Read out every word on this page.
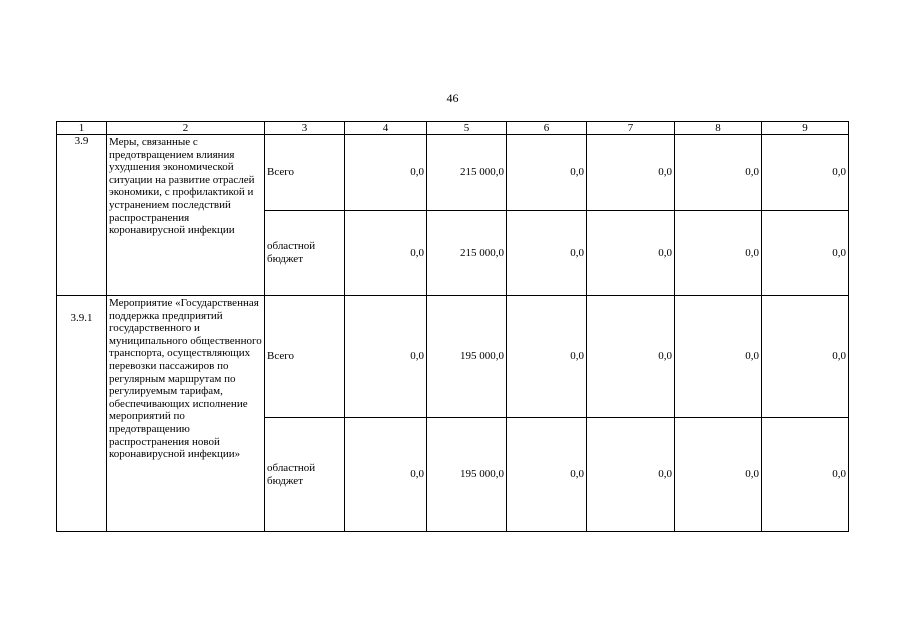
46
1	2	3	4	5	6	7	8	9
3.9	Меры, связанные с предотвращением влияния ухудшения экономической ситуации на развитие отраслей экономики, с профилактикой и устранением последствий распространения коронавирусной инфекции	Всего	0,0	215 000,0	0,0	0,0	0,0	0,0
		областной бюджет	0,0	215 000,0	0,0	0,0	0,0	0,0
3.9.1	Мероприятие «Государственная поддержка предприятий государственного и муниципального общественного транспорта, осуществляющих перевозки пассажиров по регулярным маршрутам по регулируемым тарифам, обеспечивающих исполнение мероприятий по предотвращению распространения новой коронавирусной инфекции»	Всего	0,0	195 000,0	0,0	0,0	0,0	0,0
		областной бюджет	0,0	195 000,0	0,0	0,0	0,0	0,0
